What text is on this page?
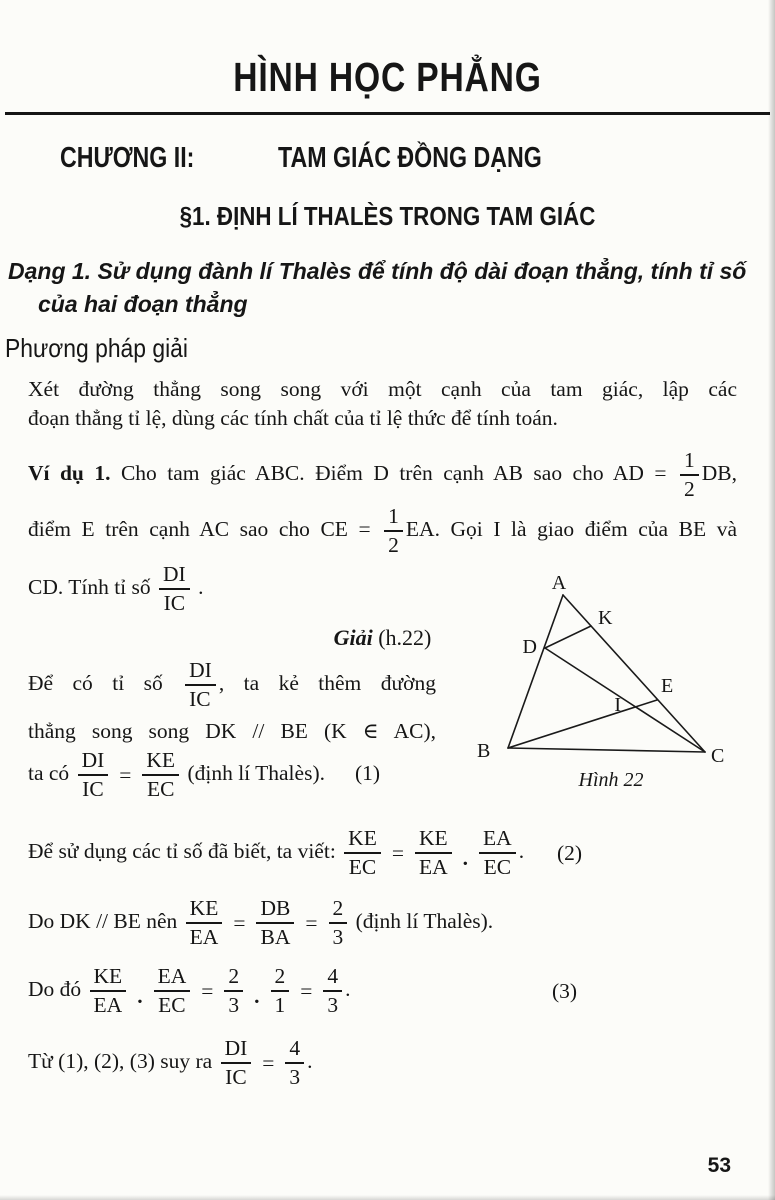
HÌNH HỌC PHẲNG
CHƯƠNG II:	TAM GIÁC ĐỒNG DẠNG
§1. ĐỊNH LÍ THALÈS TRONG TAM GIÁC
Dạng 1. Sử dụng đành lí Thalès để tính độ dài đoạn thẳng, tính tỉ số
của hai đoạn thẳng
Phương pháp giải
Xét đường thẳng song song với một cạnh của tam giác, lập các
đoạn thẳng tỉ lệ, dùng các tính chất của tỉ lệ thức để tính toán.
Ví dụ 1. Cho tam giác ABC. Điểm D trên cạnh AB sao cho AD = $\frac{1}{2}$ DB,
điểm E trên cạnh AC sao cho CE = $\frac{1}{2}$ EA. Gọi I là giao điểm của BE và
CD. Tính tỉ số $\frac{DI}{IC}$ .
Giải (h.22)
Để có tỉ số $\frac{DI}{IC}$ , ta kẻ thêm đường
thẳng song song DK // BE (K ∈ AC),
ta có $\frac{DI}{IC} = \frac{KE}{EC}$ (định lí Thalès). (1)
Để sử dụng các tỉ số đã biết, ta viết: $\frac{KE}{EC} = \frac{KE}{EA}$ . $\frac{EA}{EC}$ . (2)
Do DK // BE nên $\frac{KE}{EA} = \frac{DB}{BA} = \frac{2}{3}$ (định lí Thalès).
Do đó $\frac{KE}{EA}$ . $\frac{EA}{EC} = \frac{2}{3}$ . $\frac{2}{1} = \frac{4}{3}$ .	(3)
Từ (1), (2), (3) suy ra $\frac{DI}{IC} = \frac{4}{3}$ .
A
B	C
D
K
E
I
Hình 22
53
